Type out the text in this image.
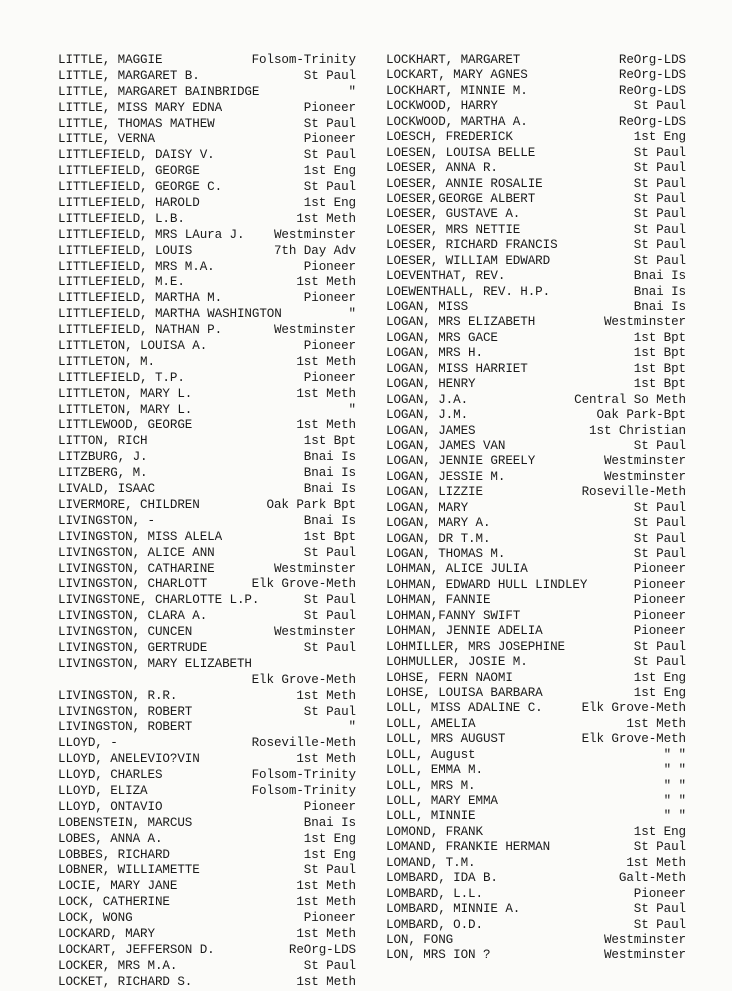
LITTLE, MAGGIE	Folsom-Trinity
LITTLE, MARGARET B.	St Paul
LITTLE, MARGARET BAINBRIDGE	"
LITTLE, MISS MARY EDNA	Pioneer
LITTLE, THOMAS MATHEW	St Paul
LITTLE, VERNA	Pioneer
LITTLEFIELD, DAISY V.	St Paul
LITTLEFIELD, GEORGE	1st Eng
LITTLEFIELD, GEORGE C.	St Paul
LITTLEFIELD, HAROLD	1st Eng
LITTLEFIELD, L.B.	1st Meth
LITTLEFIELD, MRS LAura J.	Westminster
LITTLEFIELD, LOUIS	7th Day Adv
LITTLEFIELD, MRS M.A.	Pioneer
LITTLEFIELD, M.E.	1st Meth
LITTLEFIELD, MARTHA M.	Pioneer
LITTLEFIELD, MARTHA WASHINGTON	"
LITTLEFIELD, NATHAN P.	Westminster
LITTLETON, LOUISA A.	Pioneer
LITTLETON, M.	1st Meth
LITTLEFIELD, T.P.	Pioneer
LITTLETON, MARY L.	1st Meth
LITTLETON, MARY L.	"
LITTLEWOOD, GEORGE	1st Meth
LITTON, RICH	1st Bpt
LITZBURG, J.	Bnai Is
LITZBERG, M.	Bnai Is
LIVALD, ISAAC	Bnai Is
LIVERMORE, CHILDREN	Oak Park Bpt
LIVINGSTON, -	Bnai Is
LIVINGSTON, MISS ALELA	1st Bpt
LIVINGSTON, ALICE ANN	St Paul
LIVINGSTON, CATHARINE	Westminster
LIVINGSTON, CHARLOTT	Elk Grove-Meth
LIVINGSTONE, CHARLOTTE L.P.	St Paul
LIVINGSTON, CLARA A.	St Paul
LIVINGSTON, CUNCEN	Westminster
LIVINGSTON, GERTRUDE	St Paul
LIVINGSTON, MARY ELIZABETH
Elk Grove-Meth
LIVINGSTON, R.R.	1st Meth
LIVINGSTON, ROBERT	St Paul
LIVINGSTON, ROBERT	"
LLOYD, -	Roseville-Meth
LLOYD, ANELEVIO?VIN	1st Meth
LLOYD, CHARLES	Folsom-Trinity
LLOYD, ELIZA	Folsom-Trinity
LLOYD, ONTAVIO	Pioneer
LOBENSTEIN, MARCUS	Bnai Is
LOBES, ANNA A.	1st Eng
LOBBES, RICHARD	1st Eng
LOBNER, WILLIAMETTE	St Paul
LOCIE, MARY JANE	1st Meth
LOCK, CATHERINE	1st Meth
LOCK, WONG	Pioneer
LOCKARD, MARY	1st Meth
LOCKART, JEFFERSON D.	ReOrg-LDS
LOCKER, MRS M.A.	St Paul
LOCKET, RICHARD S.	1st Meth
LOCKHART, MARGARET	ReOrg-LDS
LOCKART, MARY AGNES	ReOrg-LDS
LOCKHART, MINNIE M.	ReOrg-LDS
LOCKWOOD, HARRY	St Paul
LOCKWOOD, MARTHA A.	ReOrg-LDS
LOESCH, FREDERICK	1st Eng
LOESEN, LOUISA BELLE	St Paul
LOESER, ANNA R.	St Paul
LOESER, ANNIE ROSALIE	St Paul
LOESER,GEORGE ALBERT	St Paul
LOESER, GUSTAVE A.	St Paul
LOESER, MRS NETTIE	St Paul
LOESER, RICHARD FRANCIS	St Paul
LOESER, WILLIAM EDWARD	St Paul
LOEVENTHAT, REV.	Bnai Is
LOEWENTHALL, REV. H.P.	Bnai Is
LOGAN, MISS	Bnai Is
LOGAN, MRS ELIZABETH	Westminster
LOGAN, MRS GACE	1st Bpt
LOGAN, MRS H.	1st Bpt
LOGAN, MISS HARRIET	1st Bpt
LOGAN, HENRY	1st Bpt
LOGAN, J.A.	Central So Meth
LOGAN, J.M.	Oak Park-Bpt
LOGAN, JAMES	1st Christian
LOGAN, JAMES VAN	St Paul
LOGAN, JENNIE GREELY	Westminster
LOGAN, JESSIE M.	Westminster
LOGAN, LIZZIE	Roseville-Meth
LOGAN, MARY	St Paul
LOGAN, MARY A.	St Paul
LOGAN, DR T.M.	St Paul
LOGAN, THOMAS M.	St Paul
LOHMAN, ALICE JULIA	Pioneer
LOHMAN, EDWARD HULL LINDLEY	Pioneer
LOHMAN, FANNIE	Pioneer
LOHMAN,FANNY SWIFT	Pioneer
LOHMAN, JENNIE ADELIA	Pioneer
LOHMILLER, MRS JOSEPHINE	St Paul
LOHMULLER, JOSIE M.	St Paul
LOHSE, FERN NAOMI	1st Eng
LOHSE, LOUISA BARBARA	1st Eng
LOLL, MISS ADALINE C.	Elk Grove-Meth
LOLL, AMELIA	1st Meth
LOLL, MRS AUGUST	Elk Grove-Meth
LOLL, August	" "
LOLL, EMMA M.	" "
LOLL, MRS M.	" "
LOLL, MARY EMMA	" "
LOLL, MINNIE	" "
LOMOND, FRANK	1st Eng
LOMAND, FRANKIE HERMAN	St Paul
LOMAND, T.M.	1st Meth
LOMBARD, IDA B.	Galt-Meth
LOMBARD, L.L.	Pioneer
LOMBARD, MINNIE A.	St Paul
LOMBARD, O.D.	St Paul
LON, FONG	Westminster
LON, MRS ION ?	Westminster
